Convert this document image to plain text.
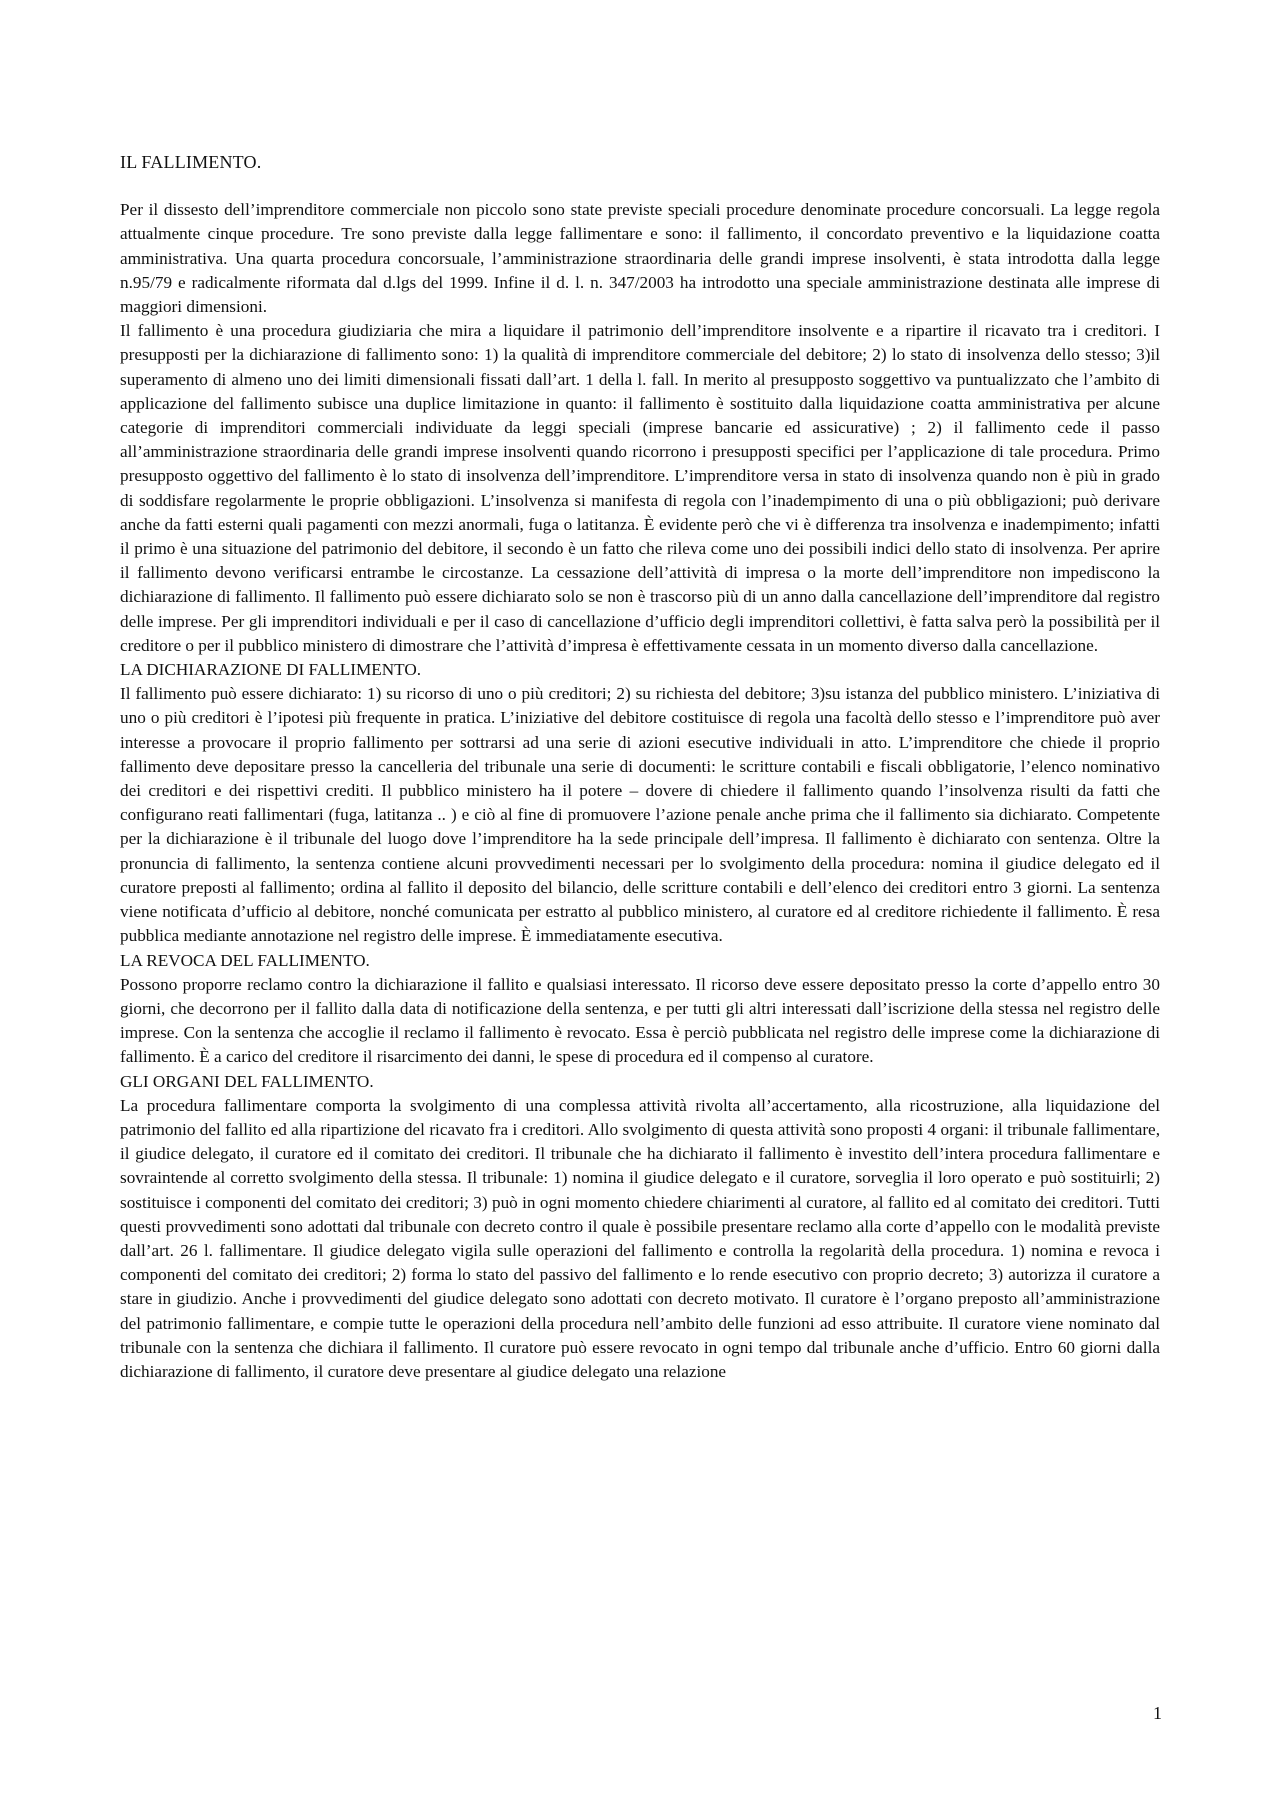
IL FALLIMENTO.

Per il dissesto dell’imprenditore commerciale non piccolo sono state previste speciali procedure denominate procedure concorsuali. La legge regola attualmente cinque procedure. Tre sono previste dalla legge fallimentare e sono: il fallimento, il concordato preventivo e la liquidazione coatta amministrativa. Una quarta procedura concorsuale, l’amministrazione straordinaria delle grandi imprese insolventi, è stata introdotta dalla legge n.95/79 e radicalmente riformata dal d.lgs del 1999. Infine il d. l. n. 347/2003 ha introdotto una speciale amministrazione destinata alle imprese di maggiori dimensioni.

Il fallimento è una procedura giudiziaria che mira a liquidare il patrimonio dell’imprenditore insolvente e a ripartire il ricavato tra i creditori. I presupposti per la dichiarazione di fallimento sono: 1) la qualità di imprenditore commerciale del debitore; 2) lo stato di insolvenza dello stesso; 3)il superamento di almeno uno dei limiti dimensionali fissati dall’art. 1 della l. fall. In merito al presupposto soggettivo va puntualizzato che l’ambito di applicazione del fallimento subisce una duplice limitazione in quanto: il fallimento è sostituito dalla liquidazione coatta amministrativa per alcune categorie di imprenditori commerciali individuate da leggi speciali (imprese bancarie ed assicurative) ; 2) il fallimento cede il passo all’amministrazione straordinaria delle grandi imprese insolventi quando ricorrono i presupposti specifici per l’applicazione di tale procedura. Primo presupposto oggettivo del fallimento è lo stato di insolvenza dell’imprenditore. L’imprenditore versa in stato di insolvenza quando non è più in grado di soddisfare regolarmente le proprie obbligazioni. L’insolvenza si manifesta di regola con l’inadempimento di una o più obbligazioni; può derivare anche da fatti esterni quali pagamenti con mezzi anormali, fuga o latitanza. È evidente però che vi è differenza tra insolvenza e inadempimento; infatti il primo è una situazione del patrimonio del debitore, il secondo è un fatto che rileva come uno dei possibili indici dello stato di insolvenza. Per aprire il fallimento devono verificarsi entrambe le circostanze. La cessazione dell’attività di impresa o la morte dell’imprenditore non impediscono la dichiarazione di fallimento. Il fallimento può essere dichiarato solo se non è trascorso più di un anno dalla cancellazione dell’imprenditore dal registro delle imprese. Per gli imprenditori individuali e per il caso di cancellazione d’ufficio degli imprenditori collettivi, è fatta salva però la possibilità per il creditore o per il pubblico ministero di dimostrare che l’attività d’impresa è effettivamente cessata in un momento diverso dalla cancellazione.

LA DICHIARAZIONE DI FALLIMENTO.

Il fallimento può essere dichiarato: 1) su ricorso di uno o più creditori; 2) su richiesta del debitore; 3)su istanza del pubblico ministero. L’iniziativa di uno o più creditori è l’ipotesi più frequente in pratica. L’iniziative del debitore costituisce di regola una facoltà dello stesso e l’imprenditore può aver interesse a provocare il proprio fallimento per sottrarsi ad una serie di azioni esecutive individuali in atto. L’imprenditore che chiede il proprio fallimento deve depositare presso la cancelleria del tribunale una serie di documenti: le scritture contabili e fiscali obbligatorie, l’elenco nominativo dei creditori e dei rispettivi crediti. Il pubblico ministero ha il potere – dovere di chiedere il fallimento quando l’insolvenza risulti da fatti che configurano reati fallimentari (fuga, latitanza .. ) e ciò al fine di promuovere l’azione penale anche prima che il fallimento sia dichiarato. Competente per la dichiarazione è il tribunale del luogo dove l’imprenditore ha la sede principale dell’impresa. Il fallimento è dichiarato con sentenza. Oltre la pronuncia di fallimento, la sentenza contiene alcuni provvedimenti necessari per lo svolgimento della procedura: nomina il giudice delegato ed il curatore preposti al fallimento; ordina al fallito il deposito del bilancio, delle scritture contabili e dell’elenco dei creditori entro 3 giorni. La sentenza viene notificata d’ufficio al debitore, nonché comunicata per estratto al pubblico ministero, al curatore ed al creditore richiedente il fallimento. È resa pubblica mediante annotazione nel registro delle imprese. È immediatamente esecutiva.

LA REVOCA DEL FALLIMENTO.

Possono proporre reclamo contro la dichiarazione il fallito e qualsiasi interessato. Il ricorso deve essere depositato presso la corte d’appello entro 30 giorni, che decorrono per il fallito dalla data di notificazione della sentenza, e per tutti gli altri interessati dall’iscrizione della stessa nel registro delle imprese. Con la sentenza che accoglie il reclamo il fallimento è revocato. Essa è perciò pubblicata nel registro delle imprese come la dichiarazione di fallimento. È a carico del creditore il risarcimento dei danni, le spese di procedura ed il compenso al curatore.

GLI ORGANI DEL FALLIMENTO.

La procedura fallimentare comporta la svolgimento di una complessa attività rivolta all’accertamento, alla ricostruzione, alla liquidazione del patrimonio del fallito ed alla ripartizione del ricavato fra i creditori. Allo svolgimento di questa attività sono proposti 4 organi: il tribunale fallimentare, il giudice delegato, il curatore ed il comitato dei creditori. Il tribunale che ha dichiarato il fallimento è investito dell’intera procedura fallimentare e sovraintende al corretto svolgimento della stessa. Il tribunale: 1) nomina il giudice delegato e il curatore, sorveglia il loro operato e può sostituirli; 2) sostituisce i componenti del comitato dei creditori; 3) può in ogni momento chiedere chiarimenti al curatore, al fallito ed al comitato dei creditori. Tutti questi provvedimenti sono adottati dal tribunale con decreto contro il quale è possibile presentare reclamo alla corte d’appello con le modalità previste dall’art. 26 l. fallimentare. Il giudice delegato vigila sulle operazioni del fallimento e controlla la regolarità della procedura. 1) nomina e revoca i componenti del comitato dei creditori; 2) forma lo stato del passivo del fallimento e lo rende esecutivo con proprio decreto; 3) autorizza il curatore a stare in giudizio. Anche i provvedimenti del giudice delegato sono adottati con decreto motivato. Il curatore è l’organo preposto all’amministrazione del patrimonio fallimentare, e compie tutte le operazioni della procedura nell’ambito delle funzioni ad esso attribuite. Il curatore viene nominato dal tribunale con la sentenza che dichiara il fallimento. Il curatore può essere revocato in ogni tempo dal tribunale anche d’ufficio. Entro 60 giorni dalla dichiarazione di fallimento, il curatore deve presentare al giudice delegato una relazione

1
